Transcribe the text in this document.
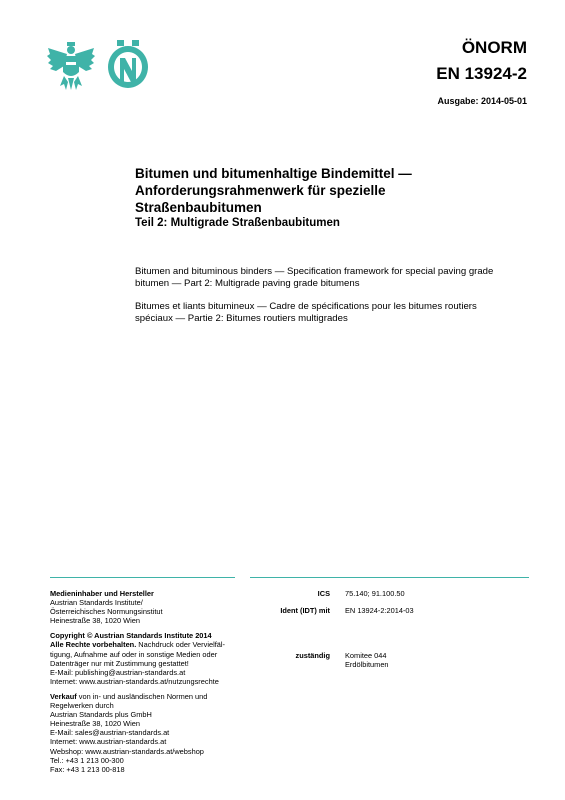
ÖNORM
EN 13924-2
Ausgabe: 2014-05-01
Bitumen und bitumenhaltige Bindemittel — Anforderungsrahmenwerk für spezielle Straßenbaubitumen
Teil 2: Multigrade Straßenbaubitumen
Bitumen and bituminous binders — Specification framework for special paving grade bitumen — Part 2: Multigrade paving grade bitumens
Bitumes et liants bitumineux — Cadre de spécifications pour les bitumes routiers spéciaux — Partie 2: Bitumes routiers multigrades

Medieninhaber und Hersteller
Austrian Standards Institute/
Österreichisches Normungsinstitut
Heinestraße 38, 1020 Wien

Copyright © Austrian Standards Institute 2014
Alle Rechte vorbehalten. Nachdruck oder Vervielfäl-
tigung, Aufnahme auf oder in sonstige Medien oder
Datenträger nur mit Zustimmung gestattet!
E-Mail: publishing@austrian-standards.at
Internet: www.austrian-standards.at/nutzungsrechte

Verkauf von in- und ausländischen Normen und
Regelwerken durch
Austrian Standards plus GmbH
Heinestraße 38, 1020 Wien
E-Mail: sales@austrian-standards.at
Internet: www.austrian-standards.at
Webshop: www.austrian-standards.at/webshop
Tel.: +43 1 213 00-300
Fax: +43 1 213 00-818

ICS 75.140; 91.100.50
Ident (IDT) mit EN 13924-2:2014-03
zuständig Komitee 044
Erdölbitumen
